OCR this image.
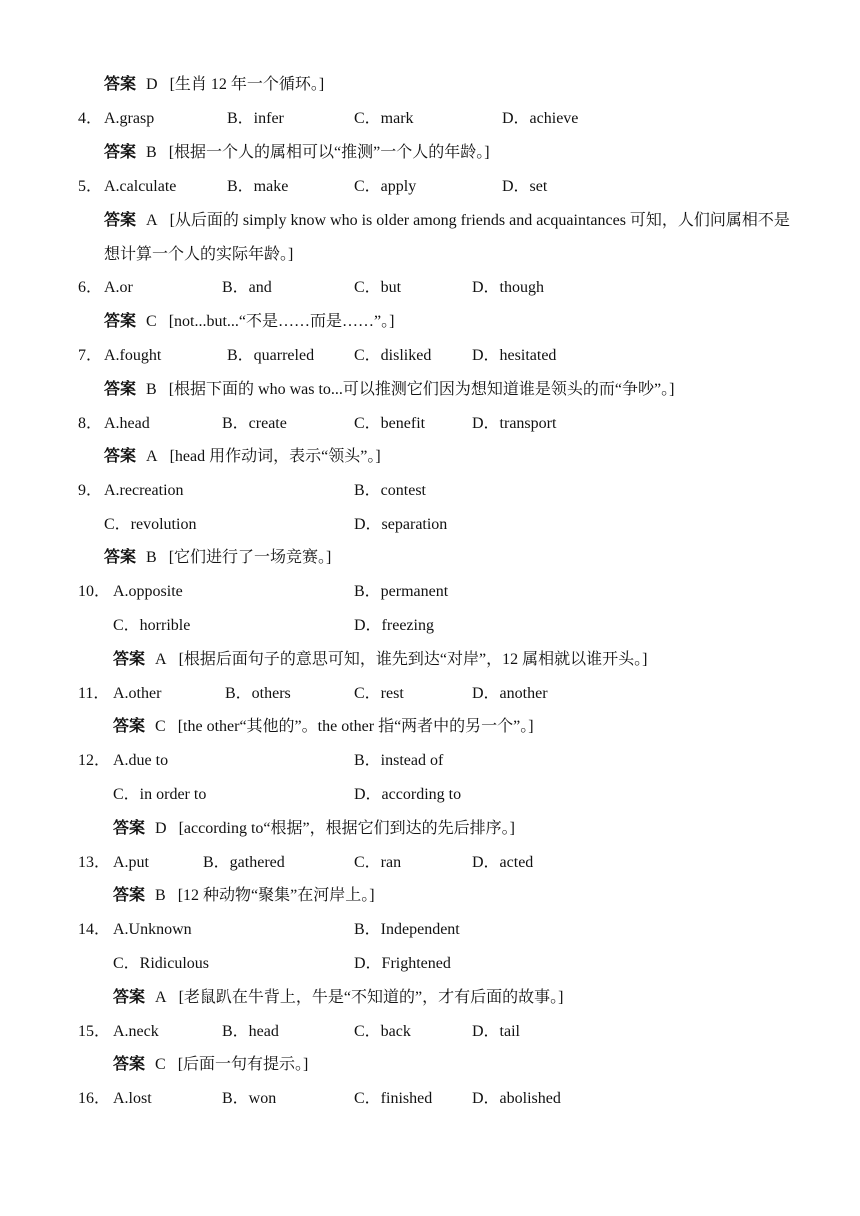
答案 D [生肖 12 年一个循环。]
4． A.grasp	B．infer	C．mark	D．achieve
答案 B [根据一个人的属相可以“推测”一个人的年龄。]
5． A.calculate	B．make	C．apply	D．set
答案 A [从后面的 simply know who is older among friends and acquaintances 可知，人们问属相不是想计算一个人的实际年龄。]
6． A.or	B．and	C．but	D．though
答案 C [not...but...“不是……而是……”。]
7． A.fought	B．quarreled C．disliked	D．hesitated
答案 B [根据下面的 who was to...可以推测它们因为想知道谁是领头的而“争吵”。]
8． A.head	B．create	C．benefit	D．transport
答案 A [head 用作动词，表示“领头”。]
9． A.recreation	B．contest
C．revolution	D．separation
答案 B [它们进行了一场竞赛。]
10． A.opposite	B．permanent
C．horrible	D．freezing
答案 A [根据后面句子的意思可知，谁先到达“对岸”，12 属相就以谁开头。]
11． A.other	B．others	C．rest	D．another
答案 C [the other“其他的”。the other 指“两者中的另一个”。]
12． A.due to	B．instead of
C．in order to	D．according to
答案 D [according to“根据”，根据它们到达的先后排序。]
13． A.put	B．gathered	C．ran	D．acted
答案 B [12 种动物“聚集”在河岸上。]
14． A.Unknown	B．Independent
C．Ridiculous	D．Frightened
答案 A [老鼠趴在牛背上，牛是“不知道的”，才有后面的故事。]
15． A.neck	B．head	C．back	D．tail
答案 C [后面一句有提示。]
16． A.lost	B．won	C．finished D．abolished
